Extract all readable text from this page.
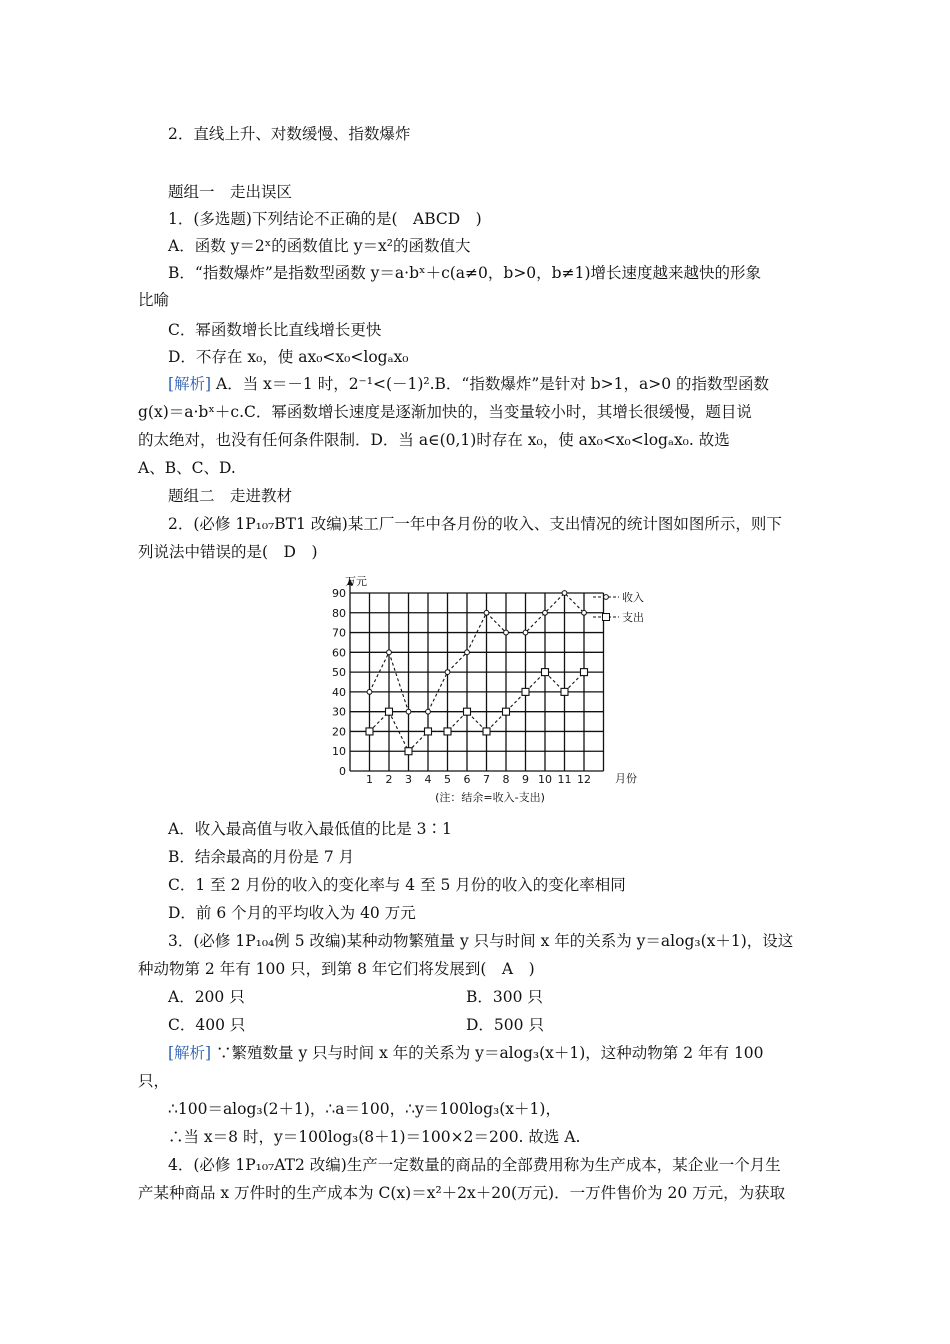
2．直线上升、对数缓慢、指数爆炸
题组一　走出误区
1．(多选题)下列结论不正确的是(　ABCD　)
A．函数 y＝2ˣ的函数值比 y＝x²的函数值大
B．“指数爆炸”是指数型函数 y＝a·bˣ＋c(a≠0，b>0，b≠1)增长速度越来越快的形象
比喻
C．幂函数增长比直线增长更快
D．不存在 x₀，使 ax₀<x₀<logₐx₀
[解析] A．当 x＝－1 时，2⁻¹<(－1)².B．“指数爆炸”是针对 b>1，a>0 的指数型函数
g(x)＝a·bˣ＋c.C．幂函数增长速度是逐渐加快的，当变量较小时，其增长很缓慢，题目说
的太绝对，也没有任何条件限制．D．当 a∈(0,1)时存在 x₀，使 ax₀<x₀<logₐx₀. 故选
A、B、C、D.
题组二　走进教材
2．(必修 1P₁₀₇BT1 改编)某工厂一年中各月份的收入、支出情况的统计图如图所示，则下
列说法中错误的是(　D　)
0
10
20
30
40
50
60
70
80
90
1 2 3 4 5 6 7 8 9 10 11 12
收入
支出
万元
月份
(注：结余=收入-支出)
A．收入最高值与收入最低值的比是 3∶1
B．结余最高的月份是 7 月
C．1 至 2 月份的收入的变化率与 4 至 5 月份的收入的变化率相同
D．前 6 个月的平均收入为 40 万元
3．(必修 1P₁₀₄例 5 改编)某种动物繁殖量 y 只与时间 x 年的关系为 y＝alog₃(x＋1)，设这
种动物第 2 年有 100 只，到第 8 年它们将发展到(　A　)
A．200 只	B．300 只
C．400 只	D．500 只
[解析] ∵繁殖数量 y 只与时间 x 年的关系为 y＝alog₃(x＋1)，这种动物第 2 年有 100
只，
∴100＝alog₃(2＋1)，∴a＝100，∴y＝100log₃(x＋1)，
∴当 x＝8 时，y＝100log₃(8＋1)＝100×2＝200. 故选 A.
4．(必修 1P₁₀₇AT2 改编)生产一定数量的商品的全部费用称为生产成本，某企业一个月生
产某种商品 x 万件时的生产成本为 C(x)＝x²＋2x＋20(万元)．一万件售价为 20 万元，为获取
